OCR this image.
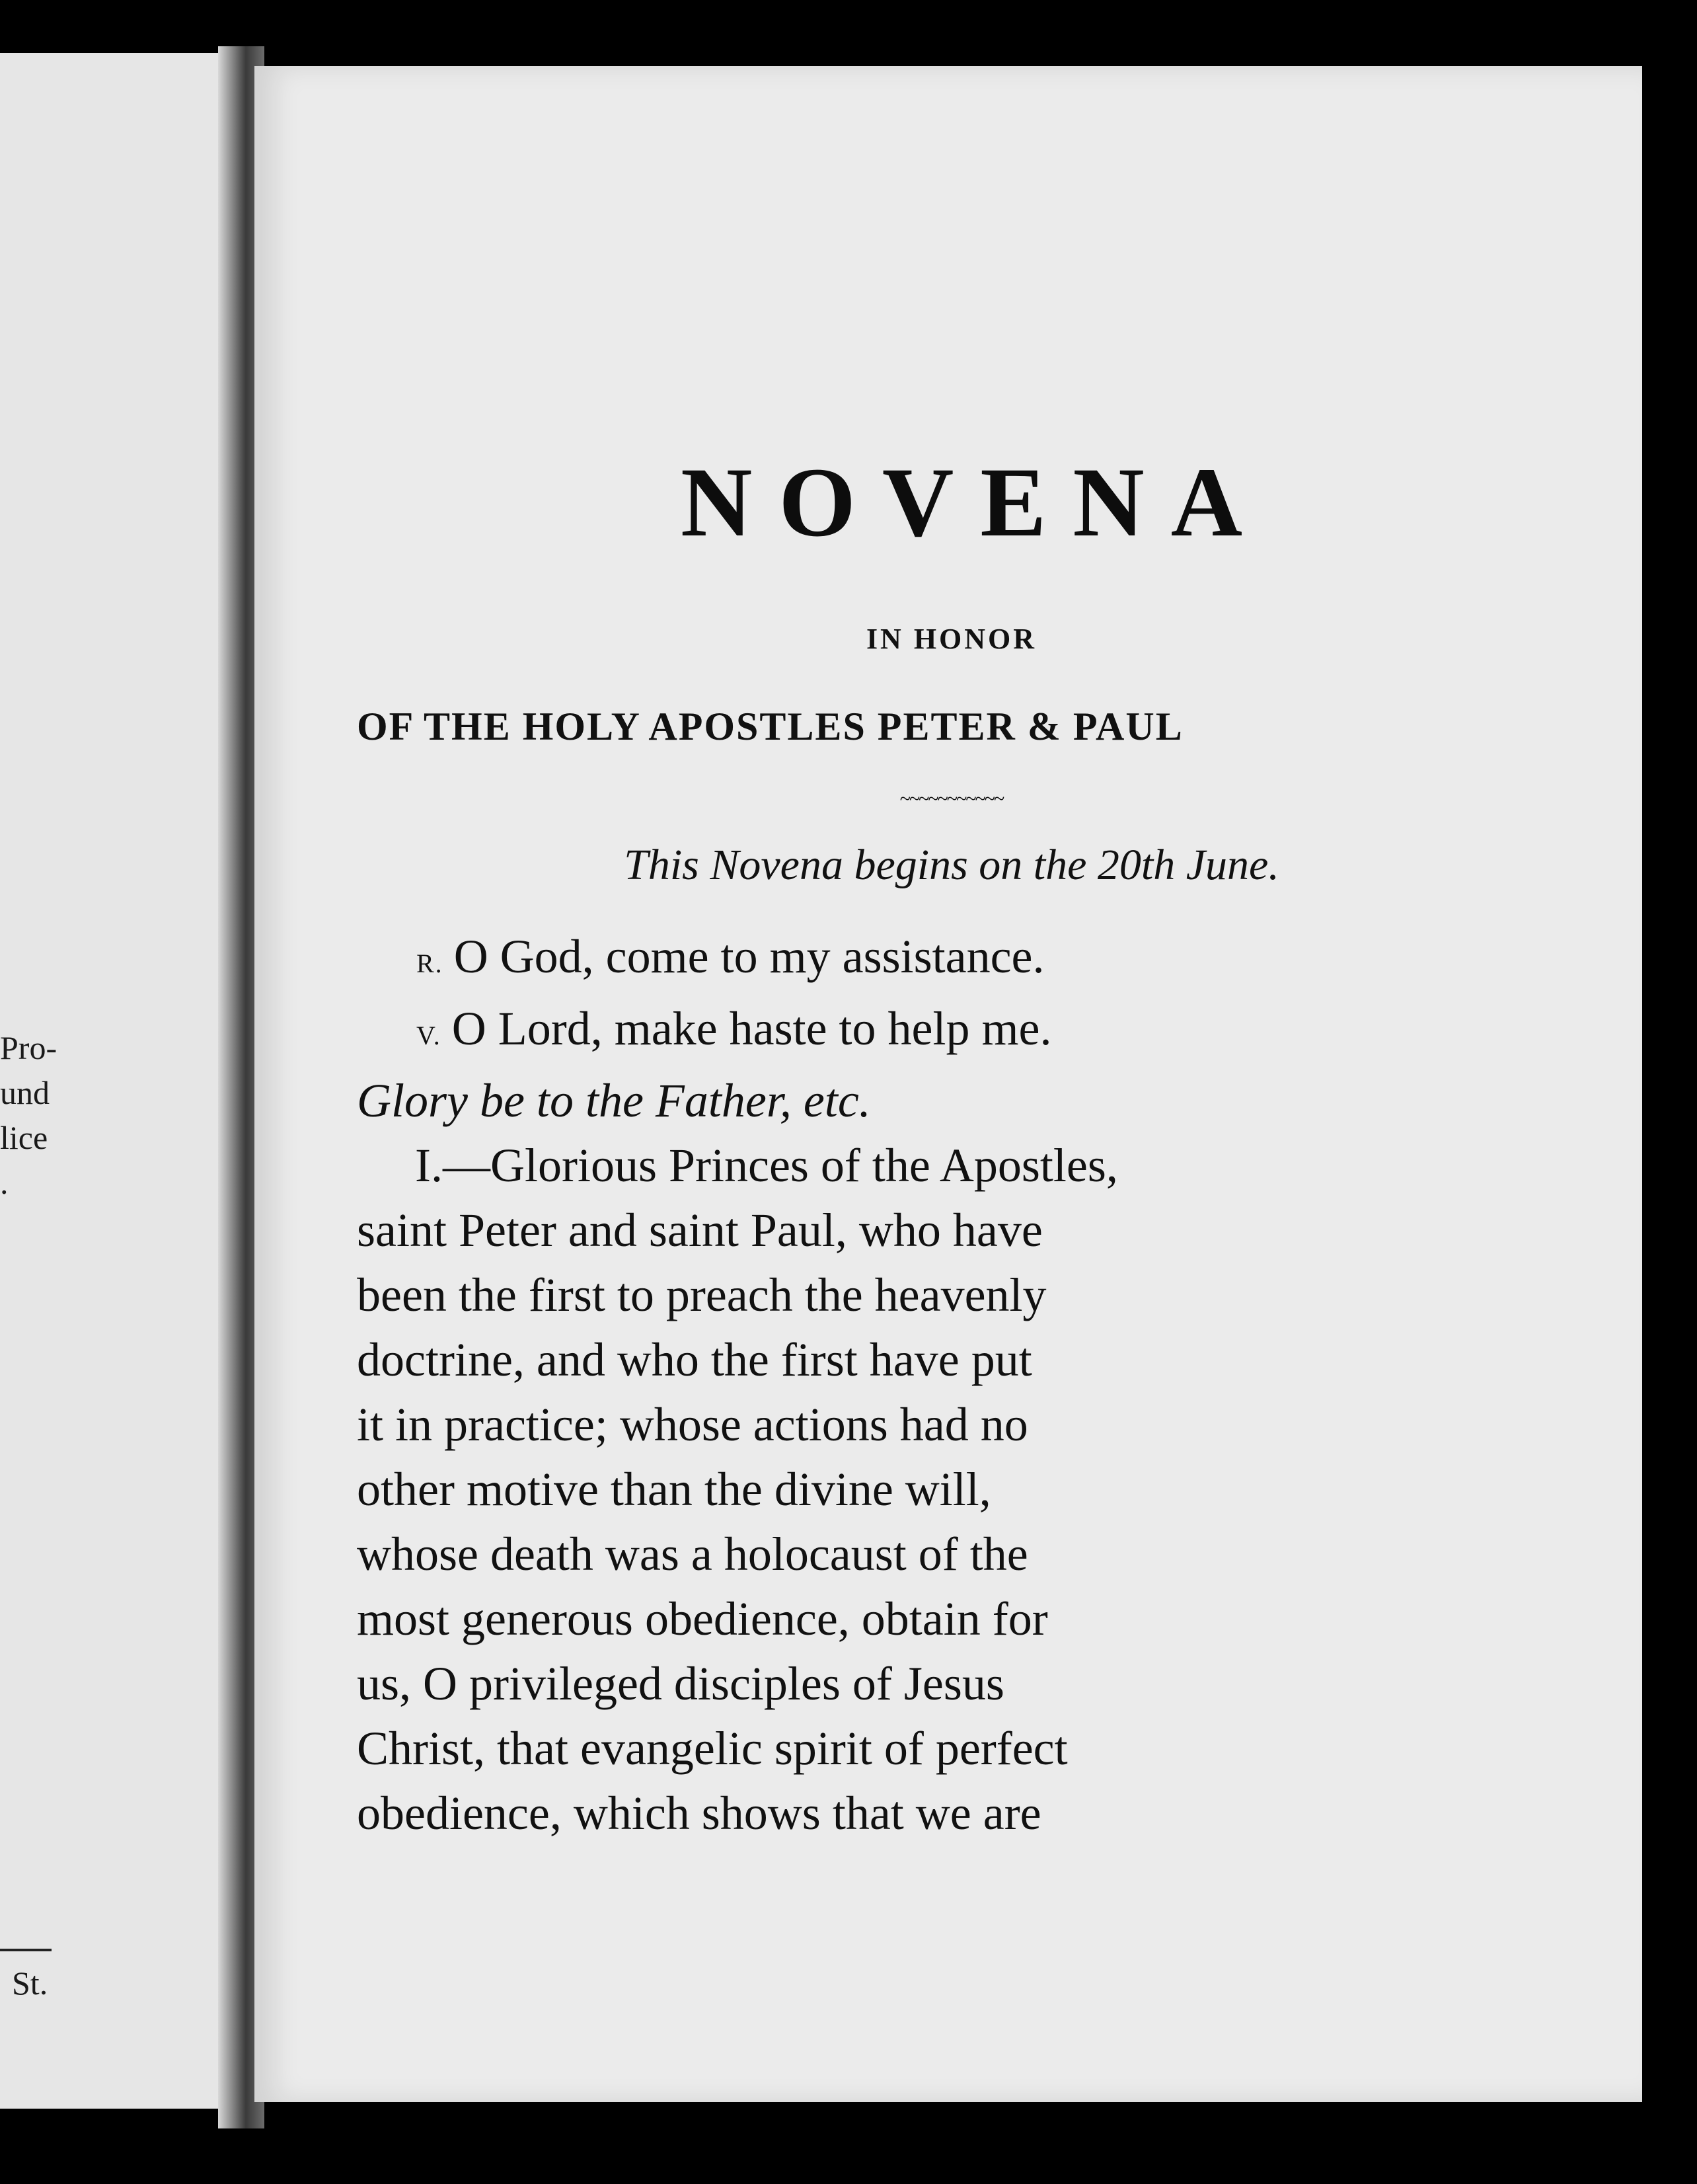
Pro-
und
lice
.
St.
NOVENA
IN HONOR
OF THE HOLY APOSTLES PETER & PAUL
~~~~~~~~~~~
This Novena begins on the 20th June.
R. O God, come to my assistance.
V. O Lord, make haste to help me.
Glory be to the Father, etc.
I.—Glorious Princes of the Apostles,
saint Peter and saint Paul, who have
been the first to preach the heavenly
doctrine, and who the first have put
it in practice; whose actions had no
other motive than the divine will,
whose death was a holocaust of the
most generous obedience, obtain for
us, O privileged disciples of Jesus
Christ, that evangelic spirit of perfect
obedience, which shows that we are
